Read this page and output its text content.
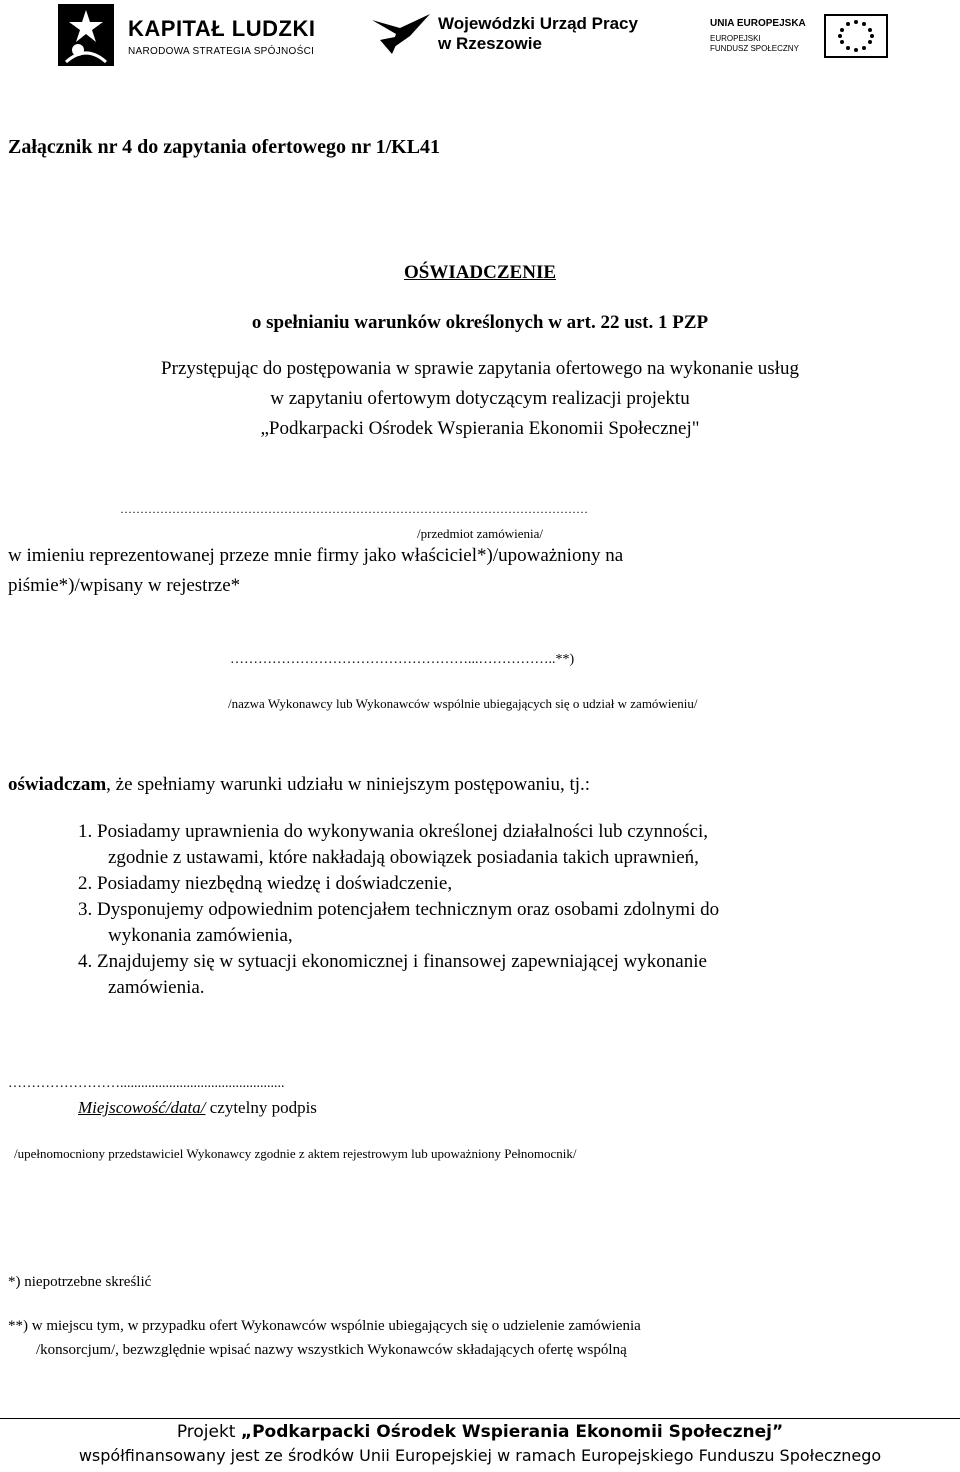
KAPITAŁ LUDZKI
NARODOWA STRATEGIA SPÓJNOŚCI
Wojewódzki Urząd Pracy
w Rzeszowie
UNIA EUROPEJSKA
EUROPEJSKI
FUNDUSZ SPOŁECZNY
Załącznik nr 4 do zapytania ofertowego nr 1/KL41
OŚWIADCZENIE
o spełnianiu warunków określonych w art. 22 ust. 1 PZP
Przystępując do postępowania w sprawie zapytania ofertowego na wykonanie usług
w zapytaniu ofertowym dotyczącym realizacji projektu
„Podkarpacki Ośrodek Wspierania Ekonomii Społecznej"
………………………………………………………………………………………………………
/przedmiot zamówienia/
w imieniu reprezentowanej przeze mnie firmy jako właściciel*)/upoważniony na
piśmie*)/wpisany w rejestrze*
……………………………………………...……………..**)
/nazwa Wykonawcy lub Wykonawców wspólnie ubiegających się o udział w zamówieniu/
oświadczam, że spełniamy warunki udziału w niniejszym postępowaniu, tj.:
1. Posiadamy uprawnienia do wykonywania określonej działalności lub czynności,
zgodnie z ustawami, które nakładają obowiązek posiadania takich uprawnień,
2. Posiadamy niezbędną wiedzę i doświadczenie,
3. Dysponujemy odpowiednim potencjałem technicznym oraz osobami zdolnymi do
wykonania zamówienia,
4. Znajdujemy się w sytuacji ekonomicznej i finansowej zapewniającej wykonanie
zamówienia.
……………………...............................................
Miejscowość/data/ czytelny podpis
/upełnomocniony przedstawiciel Wykonawcy zgodnie z aktem rejestrowym lub upoważniony Pełnomocnik/
*) niepotrzebne skreślić
**) w miejscu tym, w przypadku ofert Wykonawców wspólnie ubiegających się o udzielenie zamówienia
/konsorcjum/, bezwzględnie wpisać nazwy wszystkich Wykonawców składających ofertę wspólną
Projekt „Podkarpacki Ośrodek Wspierania Ekonomii Społecznej”
współfinansowany jest ze środków Unii Europejskiej w ramach Europejskiego Funduszu Społecznego
